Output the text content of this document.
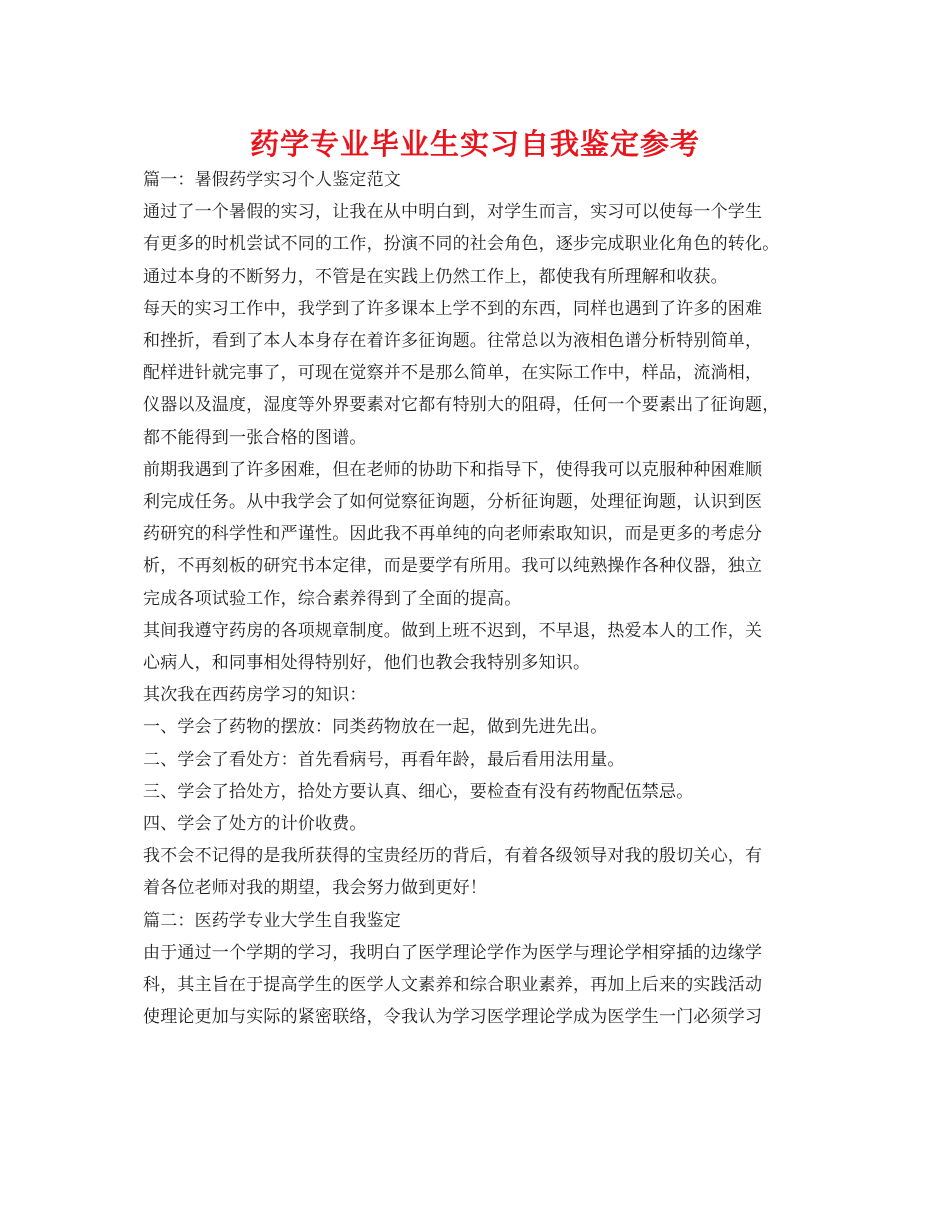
药学专业毕业生实习自我鉴定参考
篇一：暑假药学实习个人鉴定范文
通过了一个暑假的实习，让我在从中明白到，对学生而言，实习可以使每一个学生
有更多的时机尝试不同的工作，扮演不同的社会角色，逐步完成职业化角色的转化。
通过本身的不断努力，不管是在实践上仍然工作上，都使我有所理解和收获。
每天的实习工作中，我学到了许多课本上学不到的东西，同样也遇到了许多的困难
和挫折，看到了本人本身存在着许多征询题。往常总以为液相色谱分析特别简单，
配样进针就完事了，可现在觉察并不是那么简单，在实际工作中，样品，流淌相，
仪器以及温度，湿度等外界要素对它都有特别大的阻碍，任何一个要素出了征询题，
都不能得到一张合格的图谱。
前期我遇到了许多困难，但在老师的协助下和指导下，使得我可以克服种种困难顺
利完成任务。从中我学会了如何觉察征询题，分析征询题，处理征询题，认识到医
药研究的科学性和严谨性。因此我不再单纯的向老师索取知识，而是更多的考虑分
析，不再刻板的研究书本定律，而是要学有所用。我可以纯熟操作各种仪器，独立
完成各项试验工作，综合素养得到了全面的提高。
其间我遵守药房的各项规章制度。做到上班不迟到，不早退，热爱本人的工作，关
心病人，和同事相处得特别好，他们也教会我特别多知识。
其次我在西药房学习的知识：
一、学会了药物的摆放：同类药物放在一起，做到先进先出。
二、学会了看处方：首先看病号，再看年龄，最后看用法用量。
三、学会了拾处方，拾处方要认真、细心，要检查有没有药物配伍禁忌。
四、学会了处方的计价收费。
我不会不记得的是我所获得的宝贵经历的背后，有着各级领导对我的殷切关心，有
着各位老师对我的期望，我会努力做到更好！
篇二：医药学专业大学生自我鉴定
由于通过一个学期的学习，我明白了医学理论学作为医学与理论学相穿插的边缘学
科，其主旨在于提高学生的医学人文素养和综合职业素养，再加上后来的实践活动
使理论更加与实际的紧密联络，令我认为学习医学理论学成为医学生一门必须学习
